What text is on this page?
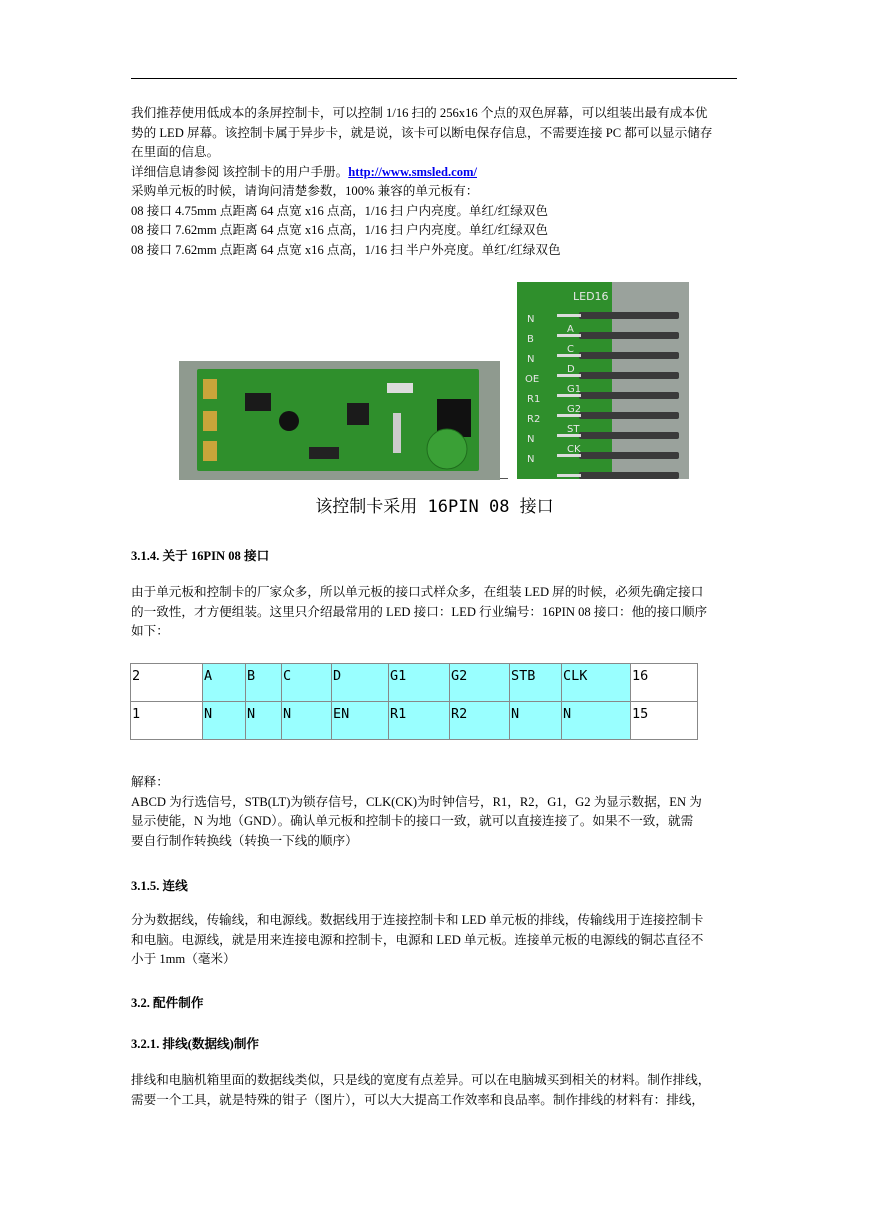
我们推荐使用低成本的条屏控制卡，可以控制 1/16 扫的 256x16 个点的双色屏幕，可以组装出最有成本优
势的 LED 屏幕。该控制卡属于异步卡，就是说，该卡可以断电保存信息，不需要连接 PC 都可以显示储存
在里面的信息。
详细信息请参阅 该控制卡的用户手册。http://www.smsled.com/
采购单元板的时候，请询问清楚参数，100% 兼容的单元板有：
08 接口 4.75mm 点距离 64 点宽 x16 点高，1/16 扫 户内亮度。单红/红绿双色
08 接口 7.62mm 点距离 64 点宽 x16 点高，1/16 扫 户内亮度。单红/红绿双色
08 接口 7.62mm 点距离 64 点宽 x16 点高，1/16 扫 半户外亮度。单红/红绿双色
LED16
N
B
N
OE
R1
R2
N
N
A
C
D
G1
G2
ST
CK
该控制卡采用 16PIN 08 接口
3.1.4. 关于 16PIN 08 接口
由于单元板和控制卡的厂家众多，所以单元板的接口式样众多，在组装 LED 屏的时候，必须先确定接口
的一致性，才方便组装。这里只介绍最常用的 LED 接口：LED 行业编号：16PIN 08 接口：他的接口顺序
如下：
2	A	B	C	D	G1	G2	STB	CLK	16
1	N	N	N	EN	R1	R2	N	N	15
解释：
ABCD 为行选信号，STB(LT)为锁存信号，CLK(CK)为时钟信号，R1，R2，G1，G2 为显示数据，EN 为
显示使能，N 为地（GND）。确认单元板和控制卡的接口一致，就可以直接连接了。如果不一致，就需
要自行制作转换线（转换一下线的顺序）
3.1.5. 连线
分为数据线，传输线，和电源线。数据线用于连接控制卡和 LED 单元板的排线，传输线用于连接控制卡
和电脑。电源线，就是用来连接电源和控制卡，电源和 LED 单元板。连接单元板的电源线的铜芯直径不
小于 1mm（毫米）
3.2. 配件制作
3.2.1. 排线(数据线)制作
排线和电脑机箱里面的数据线类似，只是线的宽度有点差异。可以在电脑城买到相关的材料。制作排线，
需要一个工具，就是特殊的钳子（图片），可以大大提高工作效率和良品率。制作排线的材料有：排线，
